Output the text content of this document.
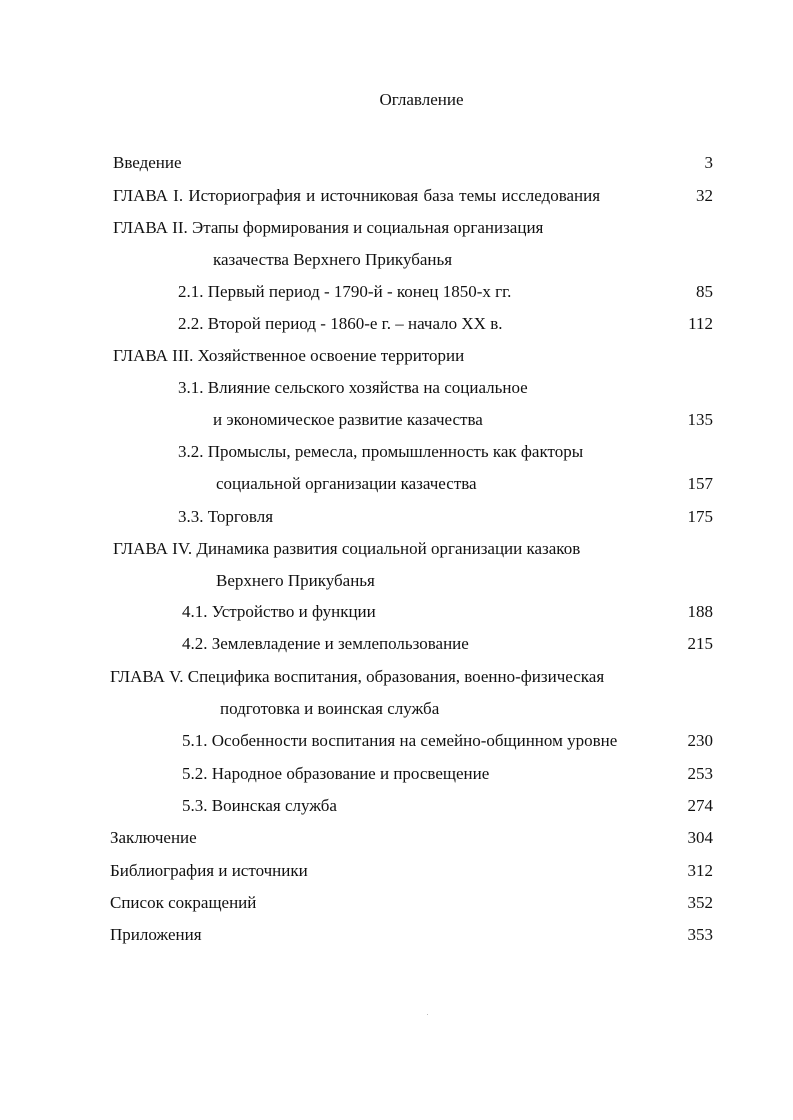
Оглавление
Введение	3
ГЛАВА I. Историография и источниковая база темы исследования	32
ГЛАВА II. Этапы формирования и социальная организация
казачества Верхнего Прикубанья
2.1. Первый период - 1790-й - конец 1850-х гг.	85
2.2. Второй период - 1860-е г. – начало XX в.	112
ГЛАВА III. Хозяйственное освоение территории
3.1. Влияние сельского хозяйства на социальное
и экономическое развитие казачества	135
3.2. Промыслы, ремесла, промышленность как факторы
социальной организации казачества	157
3.3. Торговля	175
ГЛАВА IV. Динамика развития социальной организации казаков
Верхнего Прикубанья
4.1. Устройство и функции	188
4.2. Землевладение и землепользование	215
ГЛАВА V. Специфика воспитания, образования, военно-физическая
подготовка и воинская служба
5.1. Особенности воспитания на семейно-общинном уровне	230
5.2. Народное образование и просвещение	253
5.3. Воинская служба	274
Заключение	304
Библиография и источники	312
Список сокращений	352
Приложения	353
